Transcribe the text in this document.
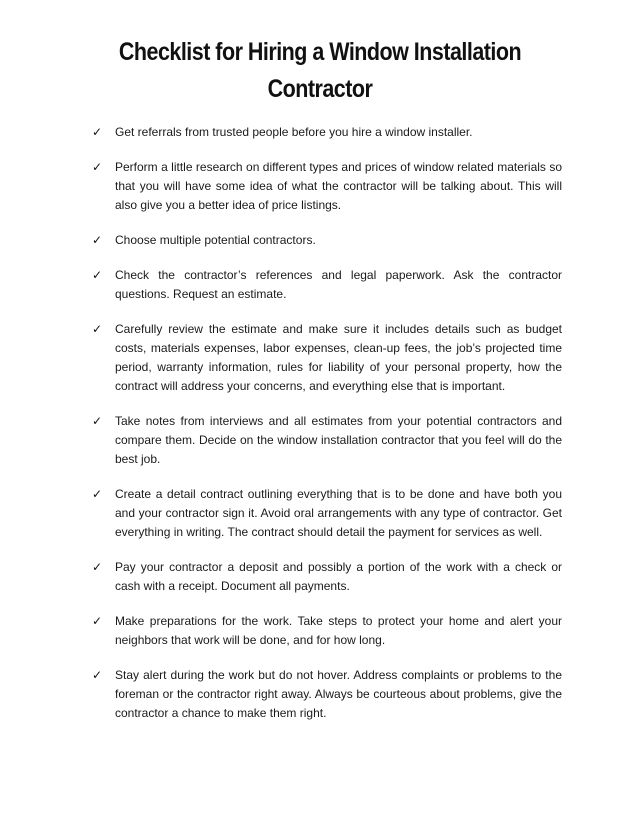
Checklist for Hiring a Window Installation Contractor
✓	Get referrals from trusted people before you hire a window installer.
✓	Perform a little research on different types and prices of window related materials so that you will have some idea of what the contractor will be talking about. This will also give you a better idea of price listings.
✓	Choose multiple potential contractors.
✓	Check the contractor’s references and legal paperwork. Ask the contractor questions. Request an estimate.
✓	Carefully review the estimate and make sure it includes details such as budget costs, materials expenses, labor expenses, clean-up fees, the job’s projected time period, warranty information, rules for liability of your personal property, how the contract will address your concerns, and everything else that is important.
✓	Take notes from interviews and all estimates from your potential contractors and compare them. Decide on the window installation contractor that you feel will do the best job.
✓	Create a detail contract outlining everything that is to be done and have both you and your contractor sign it. Avoid oral arrangements with any type of contractor. Get everything in writing. The contract should detail the payment for services as well.
✓	Pay your contractor a deposit and possibly a portion of the work with a check or cash with a receipt. Document all payments.
✓	Make preparations for the work. Take steps to protect your home and alert your neighbors that work will be done, and for how long.
✓	Stay alert during the work but do not hover. Address complaints or problems to the foreman or the contractor right away. Always be courteous about problems, give the contractor a chance to make them right.
